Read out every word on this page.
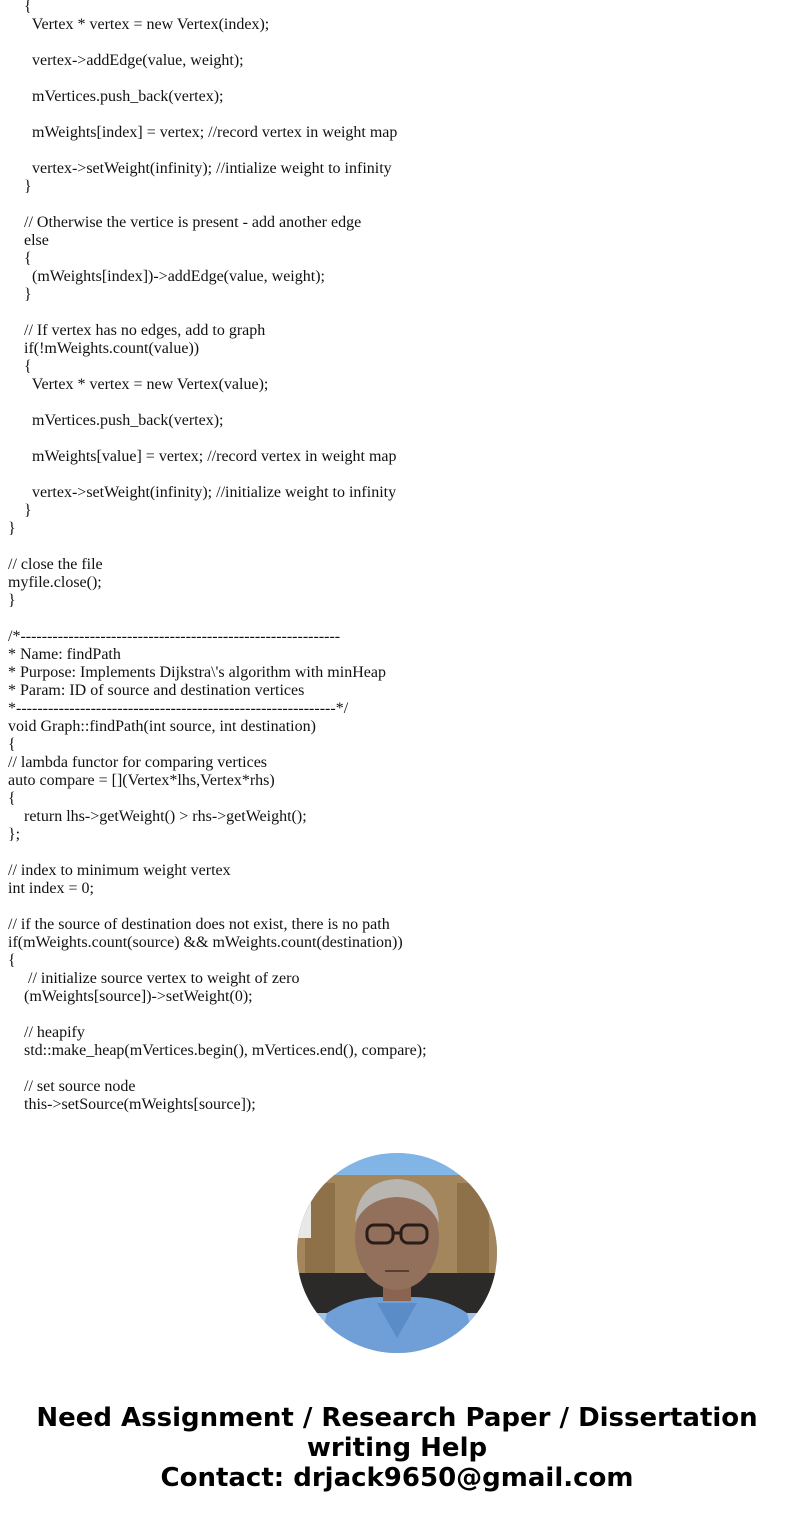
{
Vertex * vertex = new Vertex(index);
vertex->addEdge(value, weight);
mVertices.push_back(vertex);
mWeights[index] = vertex; //record vertex in weight map
vertex->setWeight(infinity); //intialize weight to infinity
}
// Otherwise the vertice is present - add another edge
else
{
(mWeights[index])->addEdge(value, weight);
}
// If vertex has no edges, add to graph
if(!mWeights.count(value))
{
Vertex * vertex = new Vertex(value);
mVertices.push_back(vertex);
mWeights[value] = vertex; //record vertex in weight map
vertex->setWeight(infinity); //initialize weight to infinity
}
}
// close the file
myfile.close();
}
/*------------------------------------------------------------
* Name: findPath
* Purpose: Implements Dijkstra\'s algorithm with minHeap
* Param: ID of source and destination vertices
*------------------------------------------------------------*/
void Graph::findPath(int source, int destination)
{
// lambda functor for comparing vertices
auto compare = [](Vertex*lhs,Vertex*rhs)
{
return lhs->getWeight() > rhs->getWeight();
};
// index to minimum weight vertex
int index = 0;
// if the source of destination does not exist, there is no path
if(mWeights.count(source) && mWeights.count(destination))
{
// initialize source vertex to weight of zero
(mWeights[source])->setWeight(0);
// heapify
std::make_heap(mVertices.begin(), mVertices.end(), compare);
// set source node
this->setSource(mWeights[source]);
Need Assignment / Research Paper / Dissertation
writing Help
Contact: drjack9650@gmail.com
